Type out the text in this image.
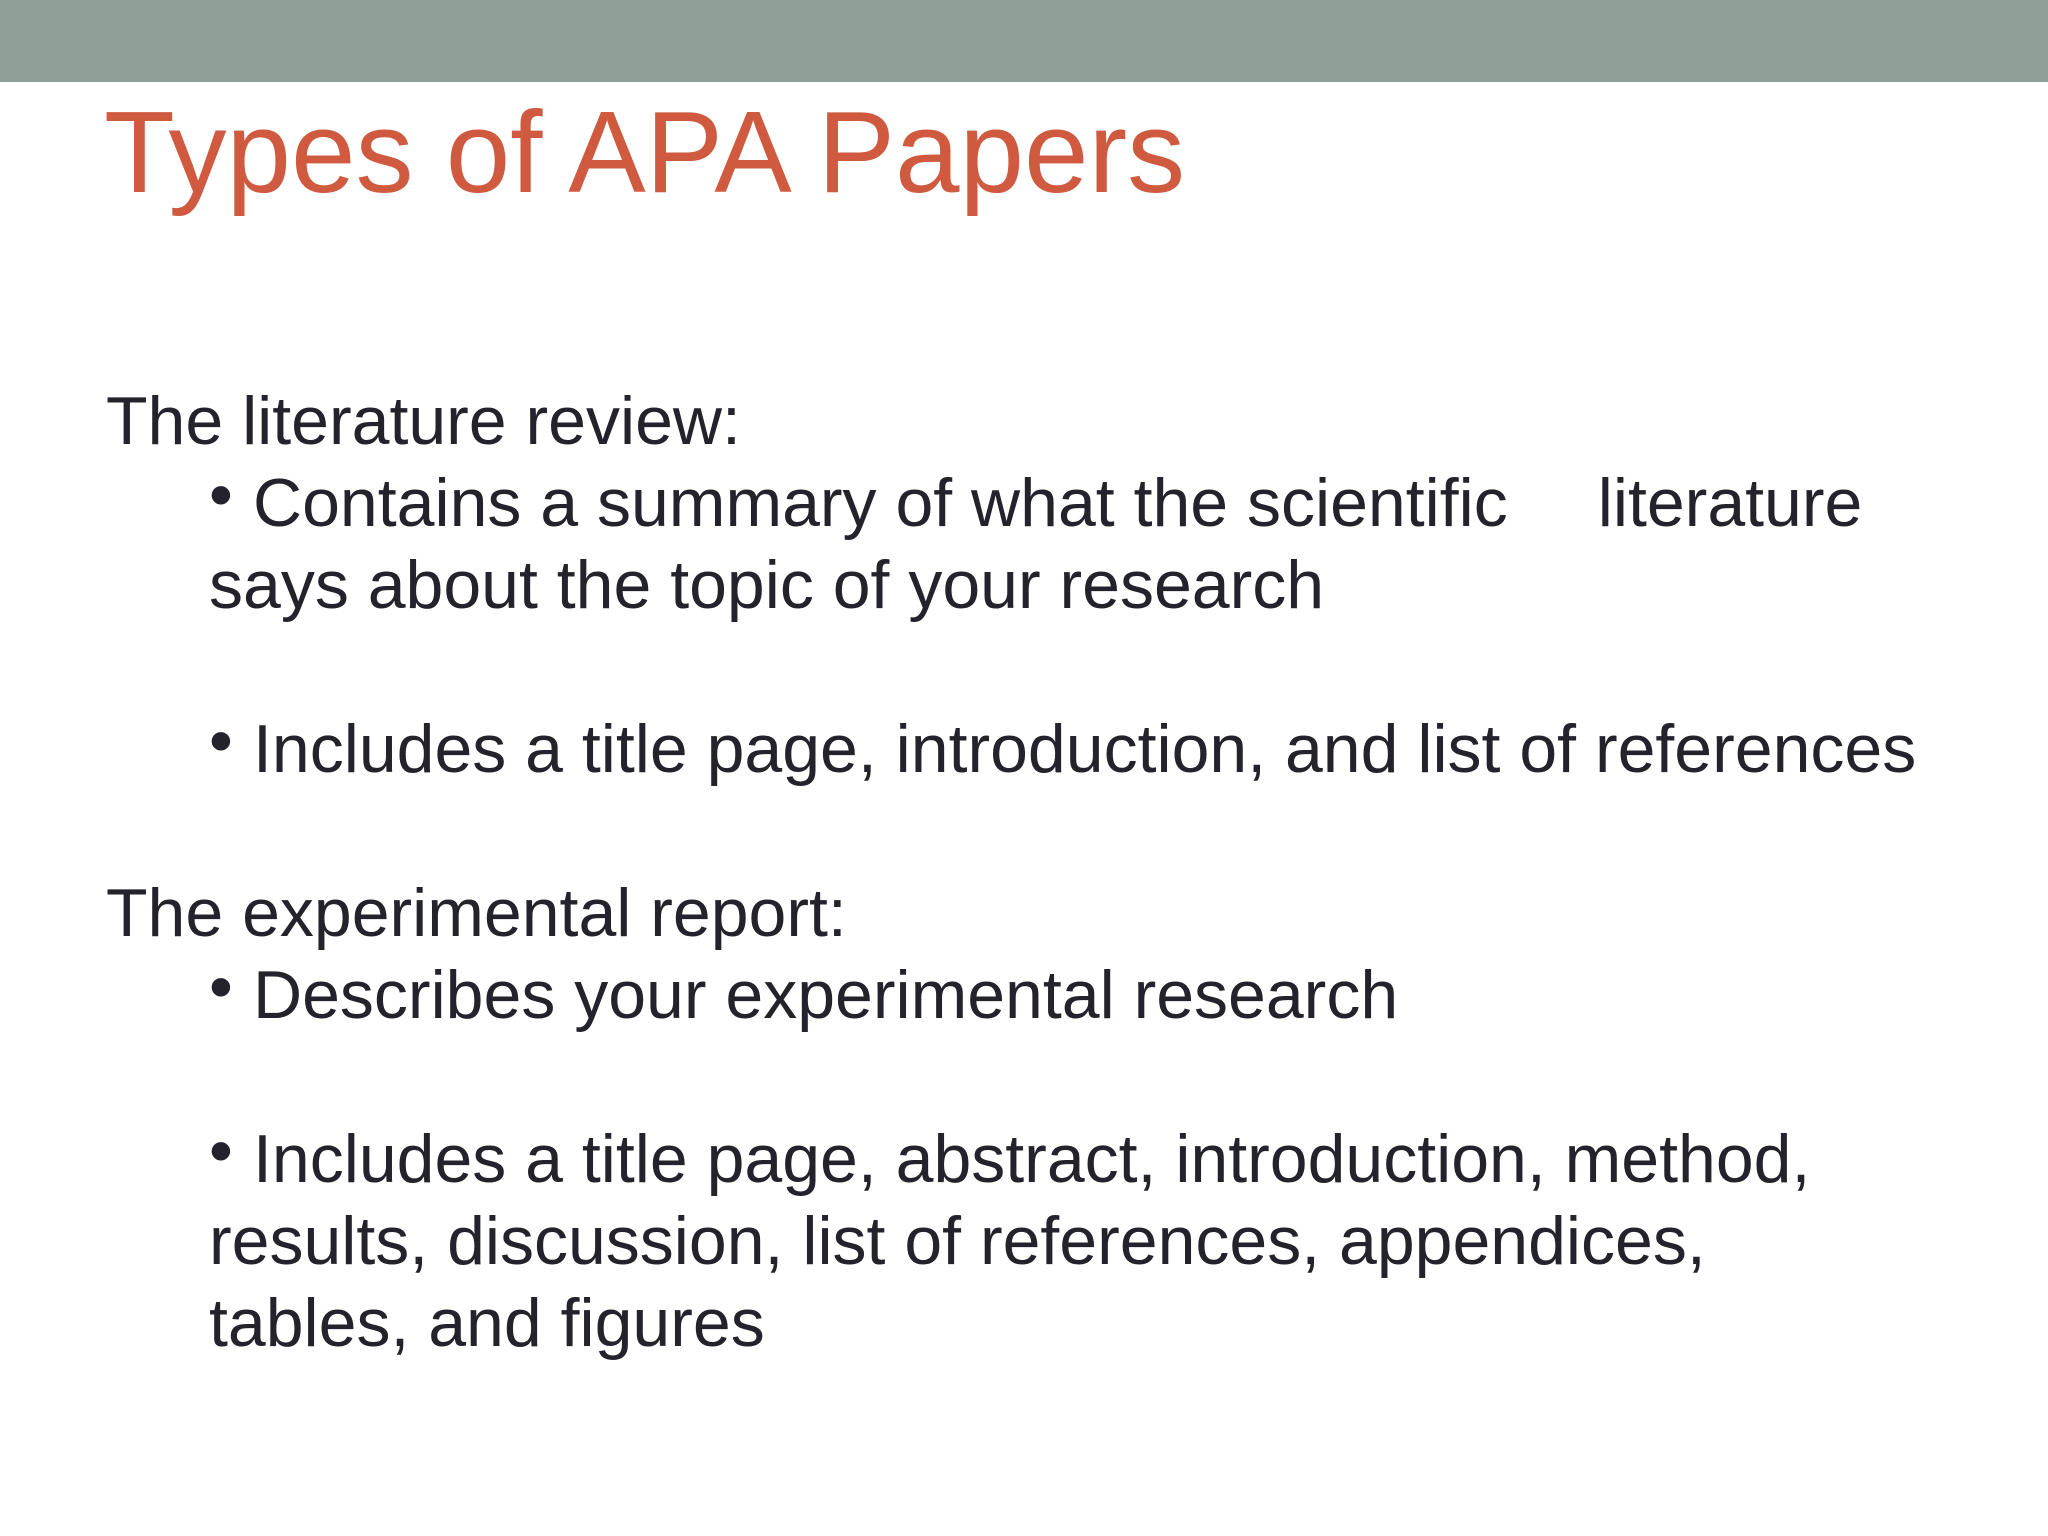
Types of APA Papers

The literature review:

• Contains a summary of what the scientific literature
says about the topic of your research
• Includes a title page, introduction, and list of references

The experimental report:

• Describes your experimental research
• Includes a title page, abstract, introduction, method,
results, discussion, list of references, appendices,
tables, and figures
